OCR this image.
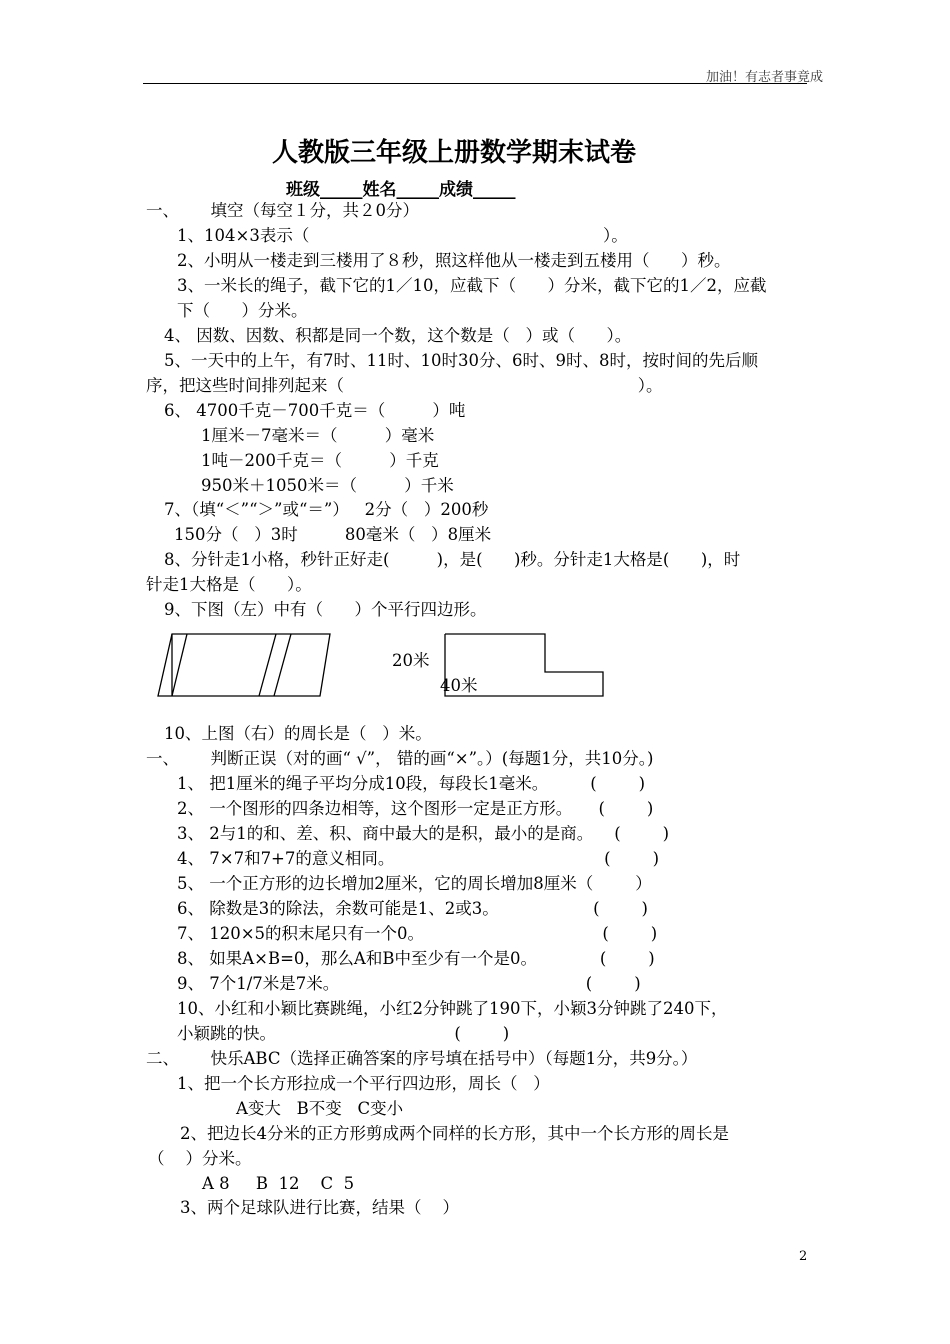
加油！有志者事竟成
人教版三年级上册数学期末试卷
班级_____姓名_____成绩_____
一、      填空（每空１分，共２0分）
1、104×3表示（                                                        ）。
2、小明从一楼走到三楼用了８秒，照这样他从一楼走到五楼用（      ）秒。
3、一米长的绳子，截下它的1／10，应截下（      ）分米，截下它的1／2，应截
下（      ）分米。
4、 因数、因数、积都是同一个数，这个数是（   ）或（      ）。
5、一天中的上午，有7时、11时、10时30分、6时、9时、8时，按时间的先后顺
序，把这些时间排列起来（                                                        ）。
6、 4700千克－700千克＝（         ）吨
1厘米－7毫米＝（         ）毫米
1吨－200千克＝（         ）千克
950米＋1050米＝（         ）千米
7、（填“＜”“＞”或“＝”）   2分（   ）200秒
150分（   ）3时         80毫米（   ）8厘米
8、分针走1小格，秒针正好走(         )，是(      )秒。分针走1大格是(      )，时
针走1大格是（      ）。
9、下图（左）中有（      ）个平行四边形。
20米
40米
10、上图（右）的周长是（   ）米。
一、      判断正误（对的画“ √”， 错的画“×”。）(每题1分，共10分。)
1、 把1厘米的绳子平均分成10段，每段长1毫米。        (        )
2、 一个图形的四条边相等，这个图形一定是正方形。     (        )
3、 2与1的和、差、积、商中最大的是积，最小的是商。    (        )
4、 7×7和7+7的意义相同。                                        (        )
5、 一个正方形的边长增加2厘米，它的周长增加8厘米（        ）
6、 除数是3的除法，余数可能是1、2或3。                  (        )
7、 120×5的积末尾只有一个0。                                  (        )
8、 如果A×B=0，那么A和B中至少有一个是0。            (        )
9、 7个1/7米是7米。                                               (        )
10、小红和小颖比赛跳绳，小红2分钟跳了190下，小颖3分钟跳了240下，
小颖跳的快。                                  (        )
二、      快乐ABC（选择正确答案的序号填在括号中）（每题1分，共9分。）
1、把一个长方形拉成一个平行四边形，周长（   ）
A变大   B不变   C变小
2、把边长4分米的正方形剪成两个同样的长方形，其中一个长方形的周长是
（    ）分米。
A 8     B  12    C  5
3、两个足球队进行比赛，结果（    ）
2
